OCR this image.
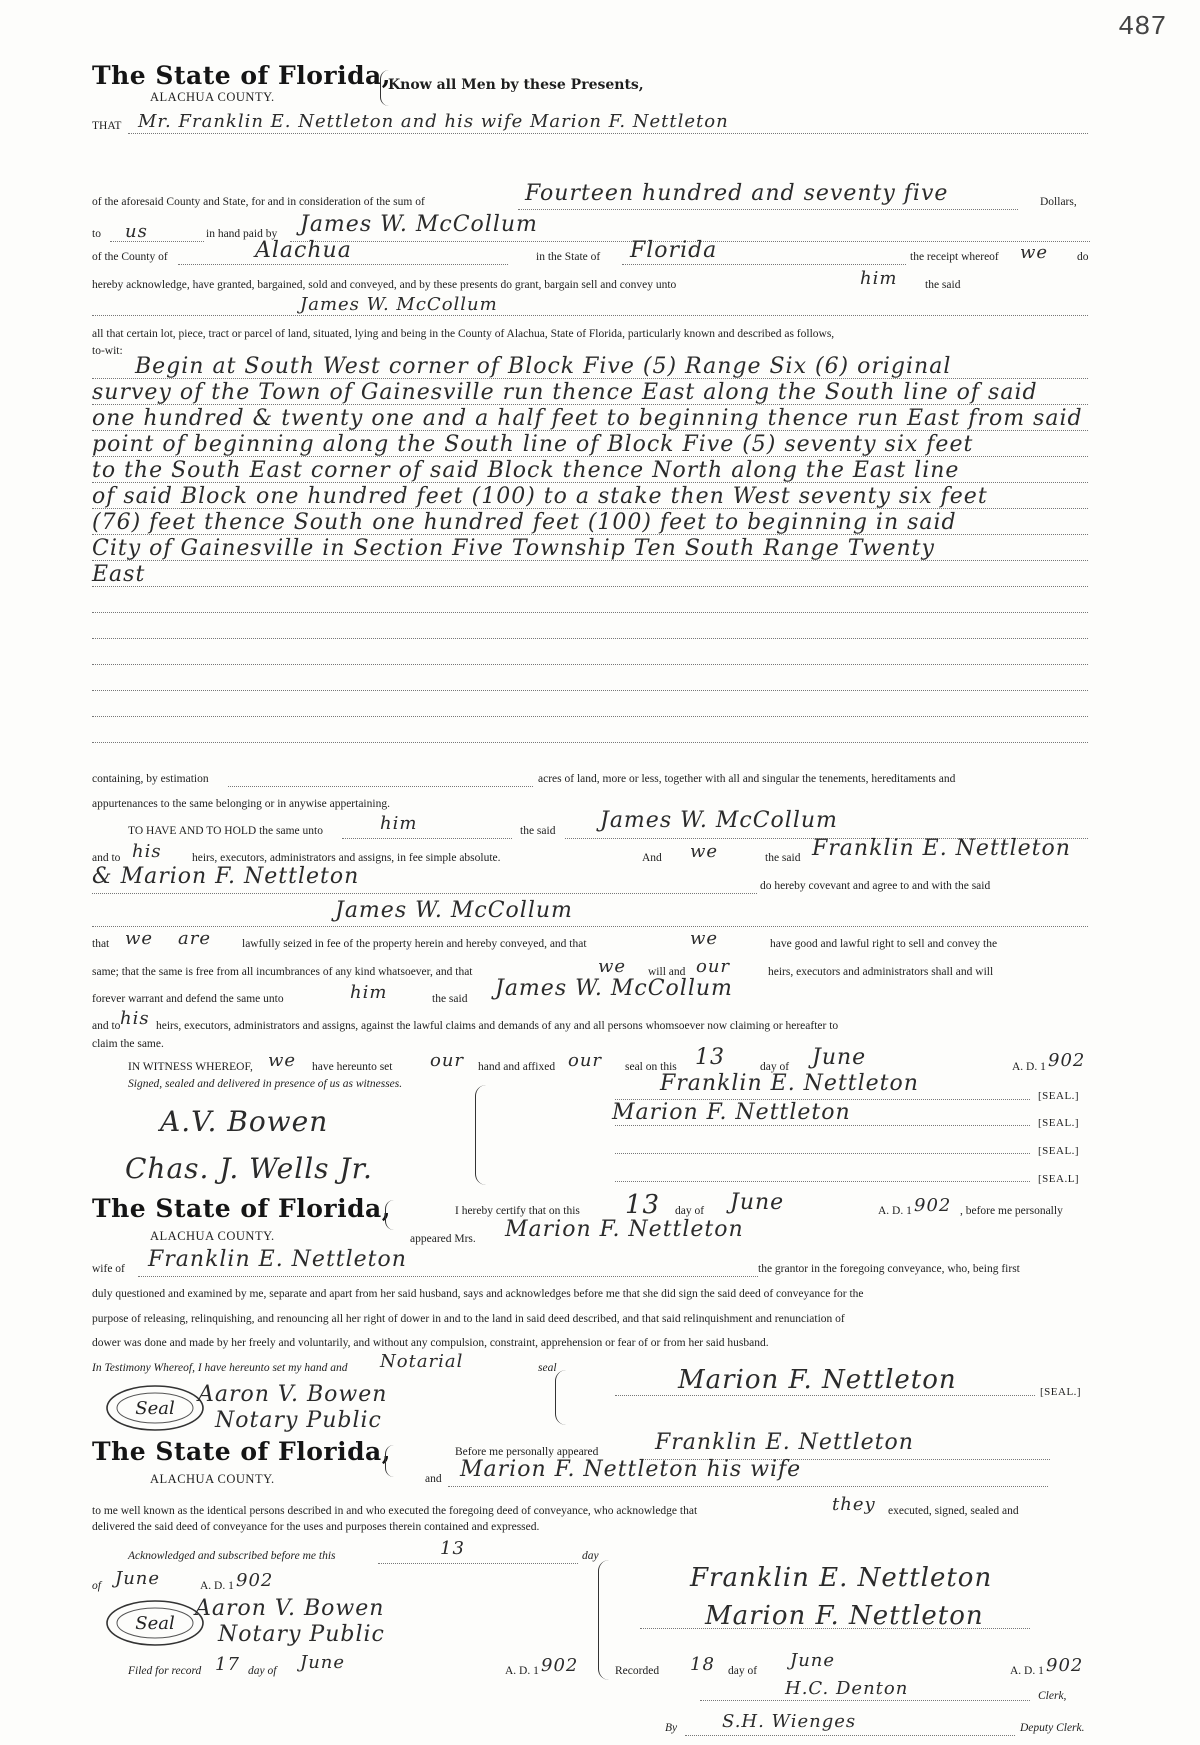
487
The State of Florida,
ALACHUA COUNTY.
Know all Men by these Presents,
THAT Mr. Franklin E. Nettleton and his wife Marion F. Nettleton
of the aforesaid County and State, for and in consideration of the sum of	Fourteen hundred and seventy five	Dollars,
to us	in hand paid by James W. McCollum
of the County of	Alachua	in the State of Florida	the receipt whereof we	do
hereby acknowledge, have granted, bargained, sold and conveyed, and by these presents do grant, bargain sell and convey unto	him the said
James W. McCollum
all that certain lot, piece, tract or parcel of land, situated, lying and being in the County of Alachua, State of Florida, particularly known and described as follows,
to-wit:
Begin at South West corner of Block Five (5) Range Six (6) original
survey of the Town of Gainesville run thence East along the South line of said
one hundred & twenty one and a half feet to beginning thence run East from said
point of beginning along the South line of Block Five (5) seventy six feet
to the South East corner of said Block thence North along the East line
of said Block one hundred feet (100) to a stake then West seventy six feet
(76) feet thence South one hundred feet (100) feet to beginning in said
City of Gainesville in Section Five Township Ten South Range Twenty
East
containing, by estimation	acres of land, more or less, together with all and singular the tenements, hereditaments and
appurtenances to the same belonging or in anywise appertaining.
TO HAVE AND TO HOLD the same unto	him	the said James W. McCollum
and to his	heirs, executors, administrators and assigns, in fee simple absolute.	And we	the said Franklin E. Nettleton
& Marion F. Nettleton	do hereby covevant and agree to and with the said
James W. McCollum
that we are	lawfully seized in fee of the property herein and hereby conveyed, and that	we	have good and lawful right to sell and convey the
same; that the same is free from all incumbrances of any kind whatsoever, and that	we will and our	heirs, executors and administrators shall and will
forever warrant and defend the same unto	him	the said James W. McCollum
and to his heirs, executors, administrators and assigns, against the lawful claims and demands of any and all persons whomsoever now claiming or hereafter to
claim the same.
IN WITNESS WHEREOF, we have hereunto set our hand and affixed our seal on this 13	day of June	A. D. 1 902
Signed, sealed and delivered in presence of us as witnesses.
A.V. Bowen
Chas. J. Wells Jr.
Franklin E. Nettleton	[SEAL.]
Marion F. Nettleton	[SEAL.]
[SEAL.]
[SEA.L]
The State of Florida,
ALACHUA COUNTY.
I hereby certify that on this 13 day of June	A. D. 1 902 , before me personally
appeared Mrs. Marion F. Nettleton
wife of Franklin E. Nettleton	the grantor in the foregoing conveyance, who, being first
duly questioned and examined by me, separate and apart from her said husband, says and acknowledges before me that she did sign the said deed of conveyance for the
purpose of releasing, relinquishing, and renouncing all her right of dower in and to the land in said deed described, and that said relinquishment and renunciation of
dower was done and made by her freely and voluntarily, and without any compulsion, constraint, apprehension or fear of or from her said husband.
In Testimony Whereof, I have hereunto set my hand and Notarial	seal
Aaron V. Bowen
Notary Public
Seal
Marion F. Nettleton	[SEAL.]
The State of Florida,
ALACHUA COUNTY.
Before me personally appeared	Franklin E. Nettleton
and Marion F. Nettleton his wife
to me well known as the identical persons described in and who executed the foregoing deed of conveyance, who acknowledge that	they executed, signed, sealed and
delivered the said deed of conveyance for the uses and purposes therein contained and expressed.
Acknowledged and subscribed before me this	13	day
of June	A. D. 1 902
Seal
Aaron V. Bowen
Notary Public
Franklin E. Nettleton
Marion F. Nettleton
Filed for record 17 day of June	A. D. 1 902	Recorded 18 day of June	A. D. 1 902
H.C. Denton	Clerk,
By S.H. Wienges	Deputy Clerk.
